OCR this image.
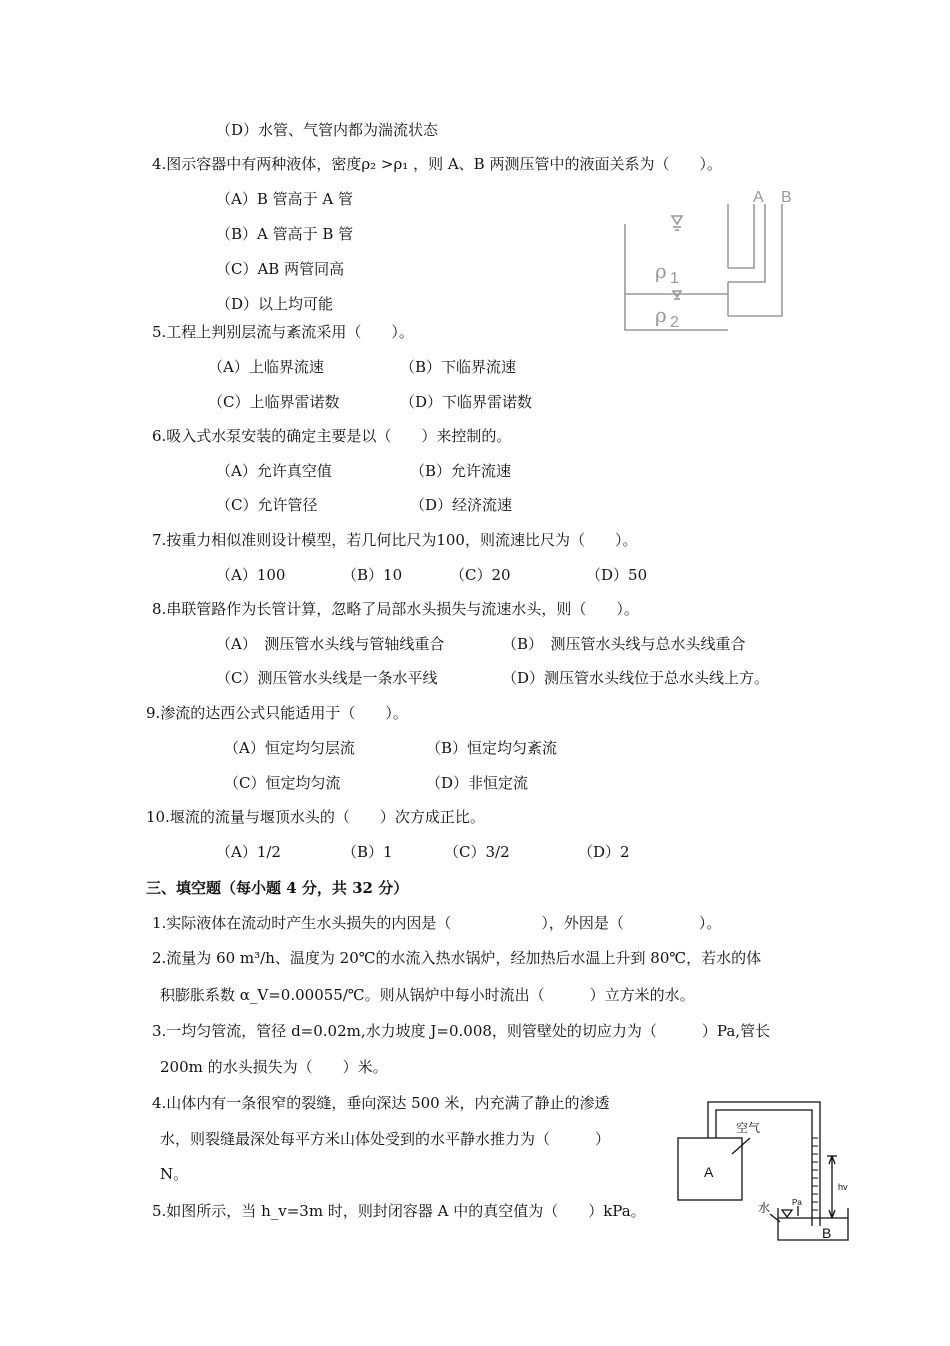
（D）水管、气管内都为湍流状态
4.图示容器中有两种液体，密度ρ₂ >ρ₁ ，则 A、B 两测压管中的液面关系为（　　）。
（A）B 管高于 A 管
（B）A 管高于 B 管
（C）AB 两管同高
（D）以上均可能
A B
ρ 1
ρ 2
5.工程上判别层流与紊流采用（　　）。
（A）上临界流速	（B）下临界流速
（C）上临界雷诺数	（D）下临界雷诺数
6.吸入式水泵安装的确定主要是以（　　）来控制的。
（A）允许真空值	（B）允许流速
（C）允许管径	（D）经济流速
7.按重力相似准则设计模型，若几何比尺为100，则流速比尺为（　　）。
（A）100	（B）10	（C）20	（D）50
8.串联管路作为长管计算，忽略了局部水头损失与流速水头，则（　　）。
（A）　测压管水头线与管轴线重合	（B）　测压管水头线与总水头线重合
（C）测压管水头线是一条水平线	（D）测压管水头线位于总水头线上方。
9.渗流的达西公式只能适用于（　　）。
（A）恒定均匀层流	（B）恒定均匀紊流
（C）恒定均匀流	（D）非恒定流
10.堰流的流量与堰顶水头的（　　）次方成正比。
（A）1/2	（B）1	（C）3/2	（D）2
三、填空题（每小题 4 分，共 32 分）
1.实际液体在流动时产生水头损失的内因是（　　　　　　），外因是（　　　　　）。
2.流量为 60 m³/h、温度为 20℃的水流入热水锅炉，经加热后水温上升到 80℃，若水的体
积膨胀系数 α_V=0.00055/℃。则从锅炉中每小时流出（　　　）立方米的水。
3.一均匀管流，管径 d=0.02m,水力坡度 J=0.008，则管壁处的切应力为（　　　）Pa,管长
200m 的水头损失为（　　）米。
4.山体内有一条很窄的裂缝，垂向深达 500 米，内充满了静止的渗透
水，则裂缝最深处每平方米山体处受到的水平静水推力为（　　　）
N。
5.如图所示，当 h_v=3m 时，则封闭容器 A 中的真空值为（　　）kPa。
A
B
空气
水	Pa
hv
